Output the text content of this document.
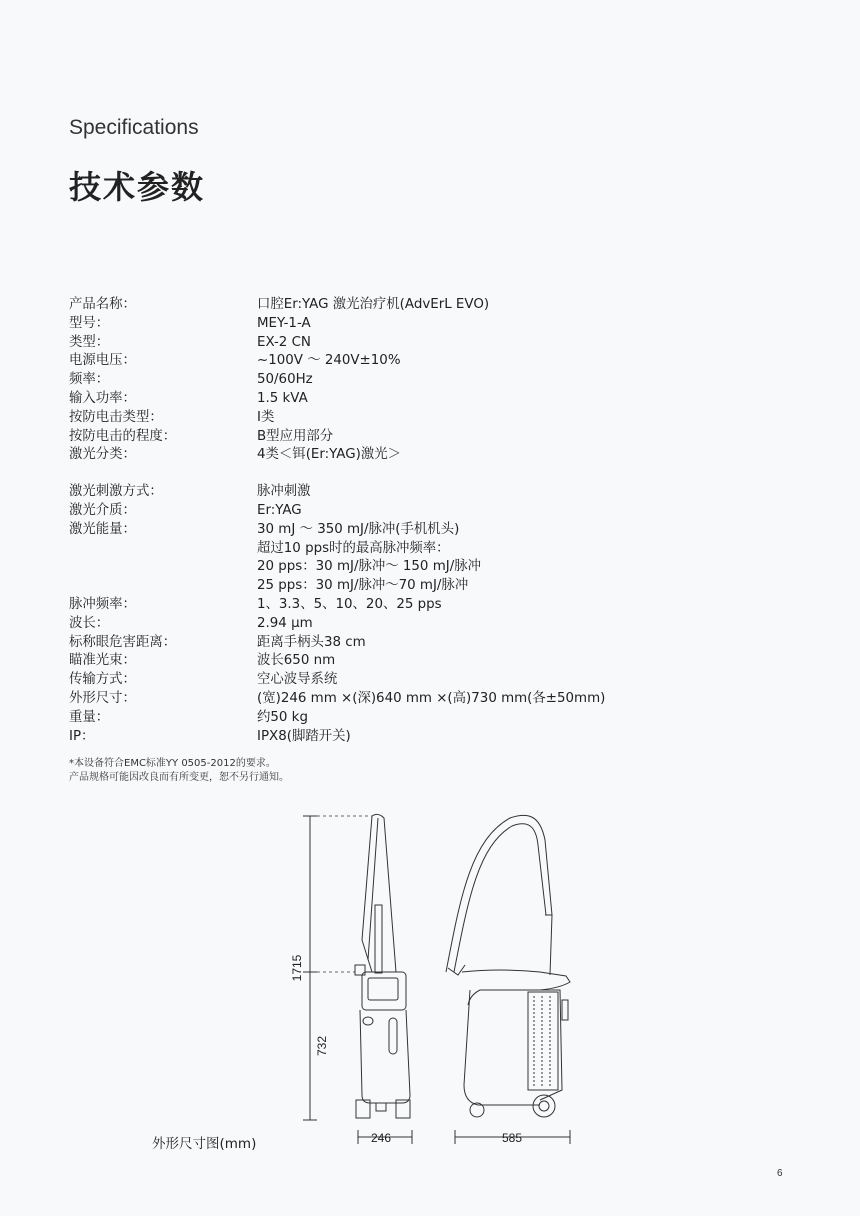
Specifications
技术参数
产品名称：	口腔Er:YAG 激光治疗机(AdvErL EVO)
型号：	MEY-1-A
类型：	EX-2 CN
电源电压：	~100V ～ 240V±10%
频率：	50/60Hz
输入功率：	1.5 kVA
按防电击类型：	I类
按防电击的程度：	B型应用部分
激光分类：	4类＜铒(Er:YAG)激光＞
激光刺激方式：	脉冲刺激
激光介质：	Er:YAG
激光能量：	30 mJ ～ 350 mJ/脉冲(手机机头)
超过10 pps时的最高脉冲频率：
20 pps：30 mJ/脉冲～ 150 mJ/脉冲
25 pps：30 mJ/脉冲～70 mJ/脉冲
脉冲频率：	1、3.3、5、10、20、25 pps
波长：	2.94 μm
标称眼危害距离：	距离手柄头38 cm
瞄准光束：	波长650 nm
传输方式：	空心波导系统
外形尺寸：	(宽)246 mm ×(深)640 mm ×(高)730 mm(各±50mm)
重量：	约50 kg
IP：	IPX8(脚踏开关)
*本设备符合EMC标准YY 0505-2012的要求。
产品规格可能因改良而有所变更，恕不另行通知。
1715
732
246	585
外形尺寸图(mm)
6
